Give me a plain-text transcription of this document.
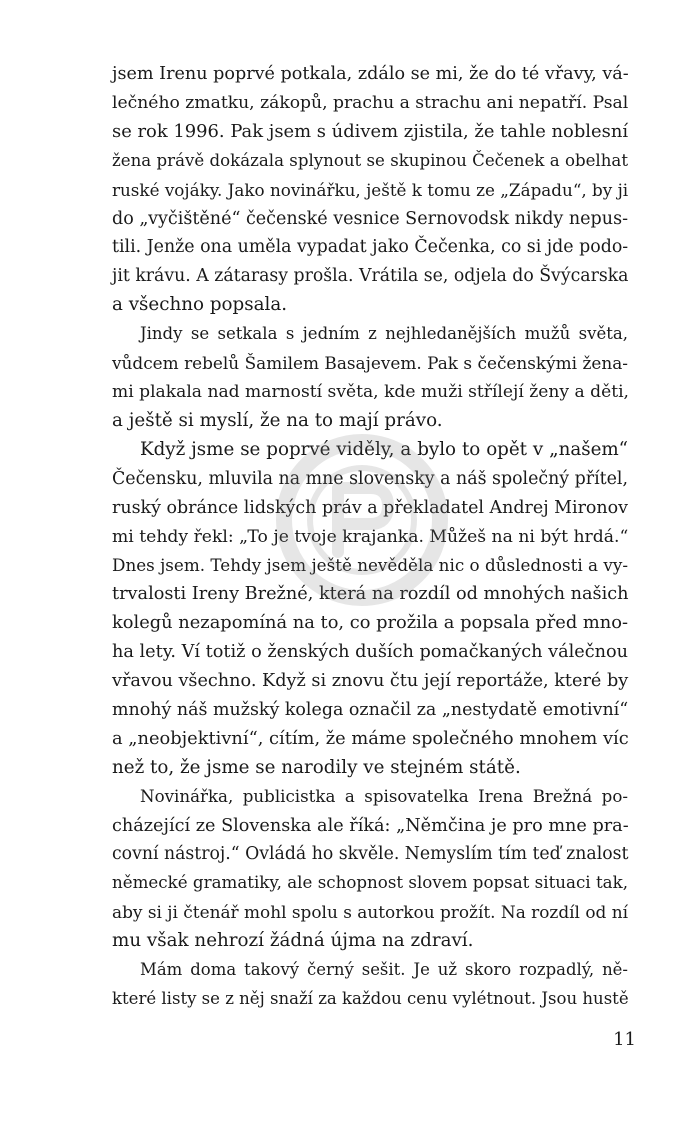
jsem Irenu poprvé potkala, zdálo se mi, že do té vřavy, vá-
lečného zmatku, zákopů, prachu a strachu ani nepatří. Psal
se rok 1996. Pak jsem s údivem zjistila, že tahle noblesní
žena právě dokázala splynout se skupinou Čečenek a obelhat
ruské vojáky. Jako novinářku, ještě k tomu ze „Západu“, by ji
do „vyčištěné“ čečenské vesnice Sernovodsk nikdy nepus-
tili. Jenže ona uměla vypadat jako Čečenka, co si jde podo-
jit krávu. A zátarasy prošla. Vrátila se, odjela do Švýcarska
a všechno popsala.

Jindy se setkala s jedním z nejhledanějších mužů světa,
vůdcem rebelů Šamilem Basajevem. Pak s čečenskými žena-
mi plakala nad marností světa, kde muži střílejí ženy a děti,
a ještě si myslí, že na to mají právo.

Když jsme se poprvé viděly, a bylo to opět v „našem“
Čečensku, mluvila na mne slovensky a náš společný přítel,
ruský obránce lidských práv a překladatel Andrej Mironov
mi tehdy řekl: „To je tvoje krajanka. Můžeš na ni být hrdá.“
Dnes jsem. Tehdy jsem ještě nevěděla nic o důslednosti a vy-
trvalosti Ireny Brežné, která na rozdíl od mnohých našich
kolegů nezapomíná na to, co prožila a popsala před mno-
ha lety. Ví totiž o ženských duších pomačkaných válečnou
vřavou všechno. Když si znovu čtu její reportáže, které by
mnohý náš mužský kolega označil za „nestydatě emotivní“
a „neobjektivní“, cítím, že máme společného mnohem víc
než to, že jsme se narodily ve stejném státě.

Novinářka, publicistka a spisovatelka Irena Brežná po-
cházející ze Slovenska ale říká: „Němčina je pro mne pra-
covní nástroj.“ Ovládá ho skvěle. Nemyslím tím teď znalost
německé gramatiky, ale schopnost slovem popsat situaci tak,
aby si ji čtenář mohl spolu s autorkou prožít. Na rozdíl od ní
mu však nehrozí žádná újma na zdraví.

Mám doma takový černý sešit. Je už skoro rozpadlý, ně-
které listy se z něj snaží za každou cenu vylétnout. Jsou hustě

11
